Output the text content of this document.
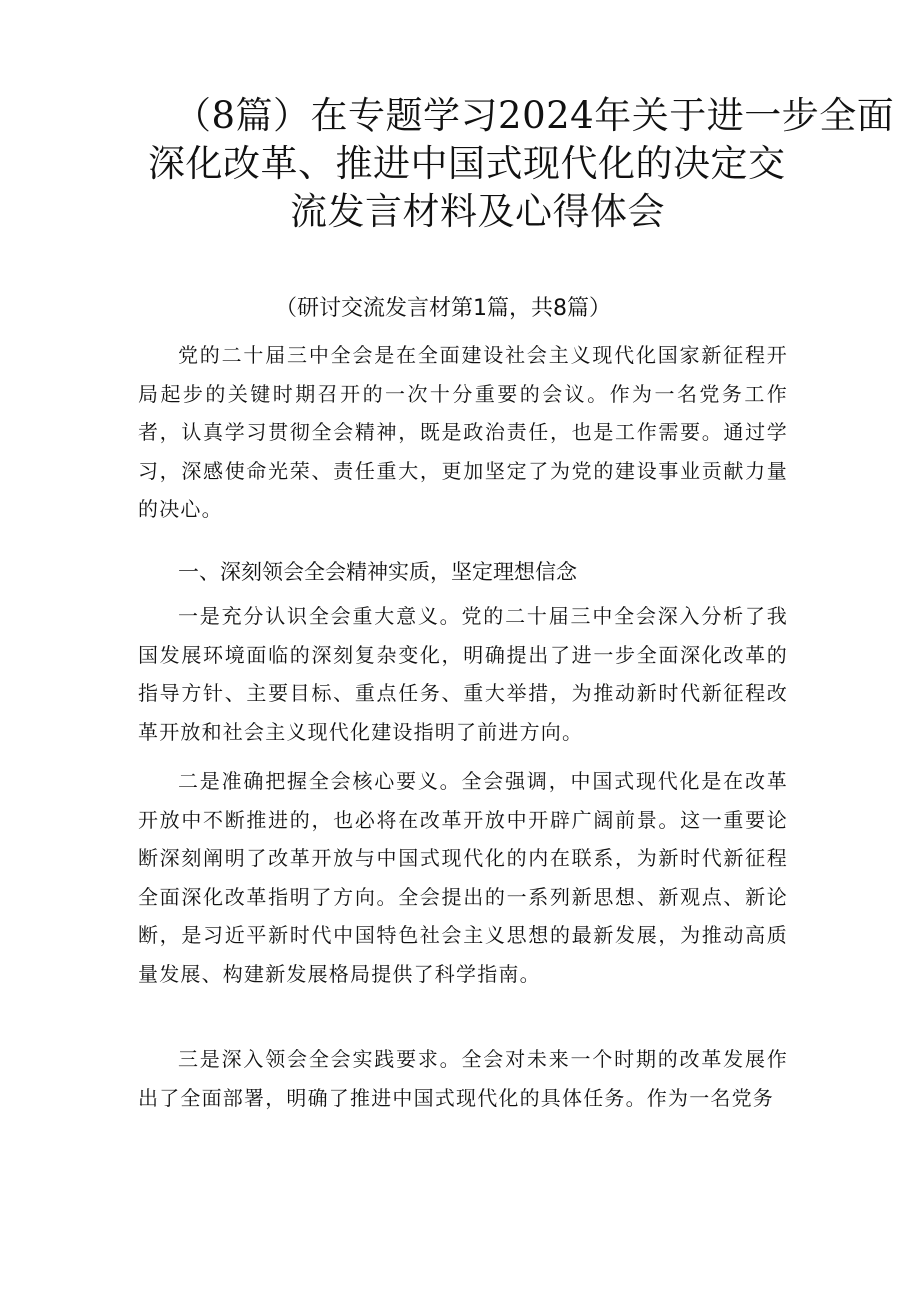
（8篇）在专题学习2024年关于进一步全面
深化改革、推进中国式现代化的决定交
流发言材料及心得体会
（研讨交流发言材第1篇，共8篇）

党的二十届三中全会是在全面建设社会主义现代化国家新征程开局起步的关键时期召开的一次十分重要的会议。作为一名党务工作者，认真学习贯彻全会精神，既是政治责任，也是工作需要。通过学习，深感使命光荣、责任重大，更加坚定了为党的建设事业贡献力量的决心。

一、深刻领会全会精神实质，坚定理想信念

一是充分认识全会重大意义。党的二十届三中全会深入分析了我国发展环境面临的深刻复杂变化，明确提出了进一步全面深化改革的指导方针、主要目标、重点任务、重大举措，为推动新时代新征程改革开放和社会主义现代化建设指明了前进方向。

二是准确把握全会核心要义。全会强调，中国式现代化是在改革开放中不断推进的，也必将在改革开放中开辟广阔前景。这一重要论断深刻阐明了改革开放与中国式现代化的内在联系，为新时代新征程全面深化改革指明了方向。全会提出的一系列新思想、新观点、新论断，是习近平新时代中国特色社会主义思想的最新发展，为推动高质量发展、构建新发展格局提供了科学指南。

三是深入领会全会实践要求。全会对未来一个时期的改革发展作出了全面部署，明确了推进中国式现代化的具体任务。作为一名党务
